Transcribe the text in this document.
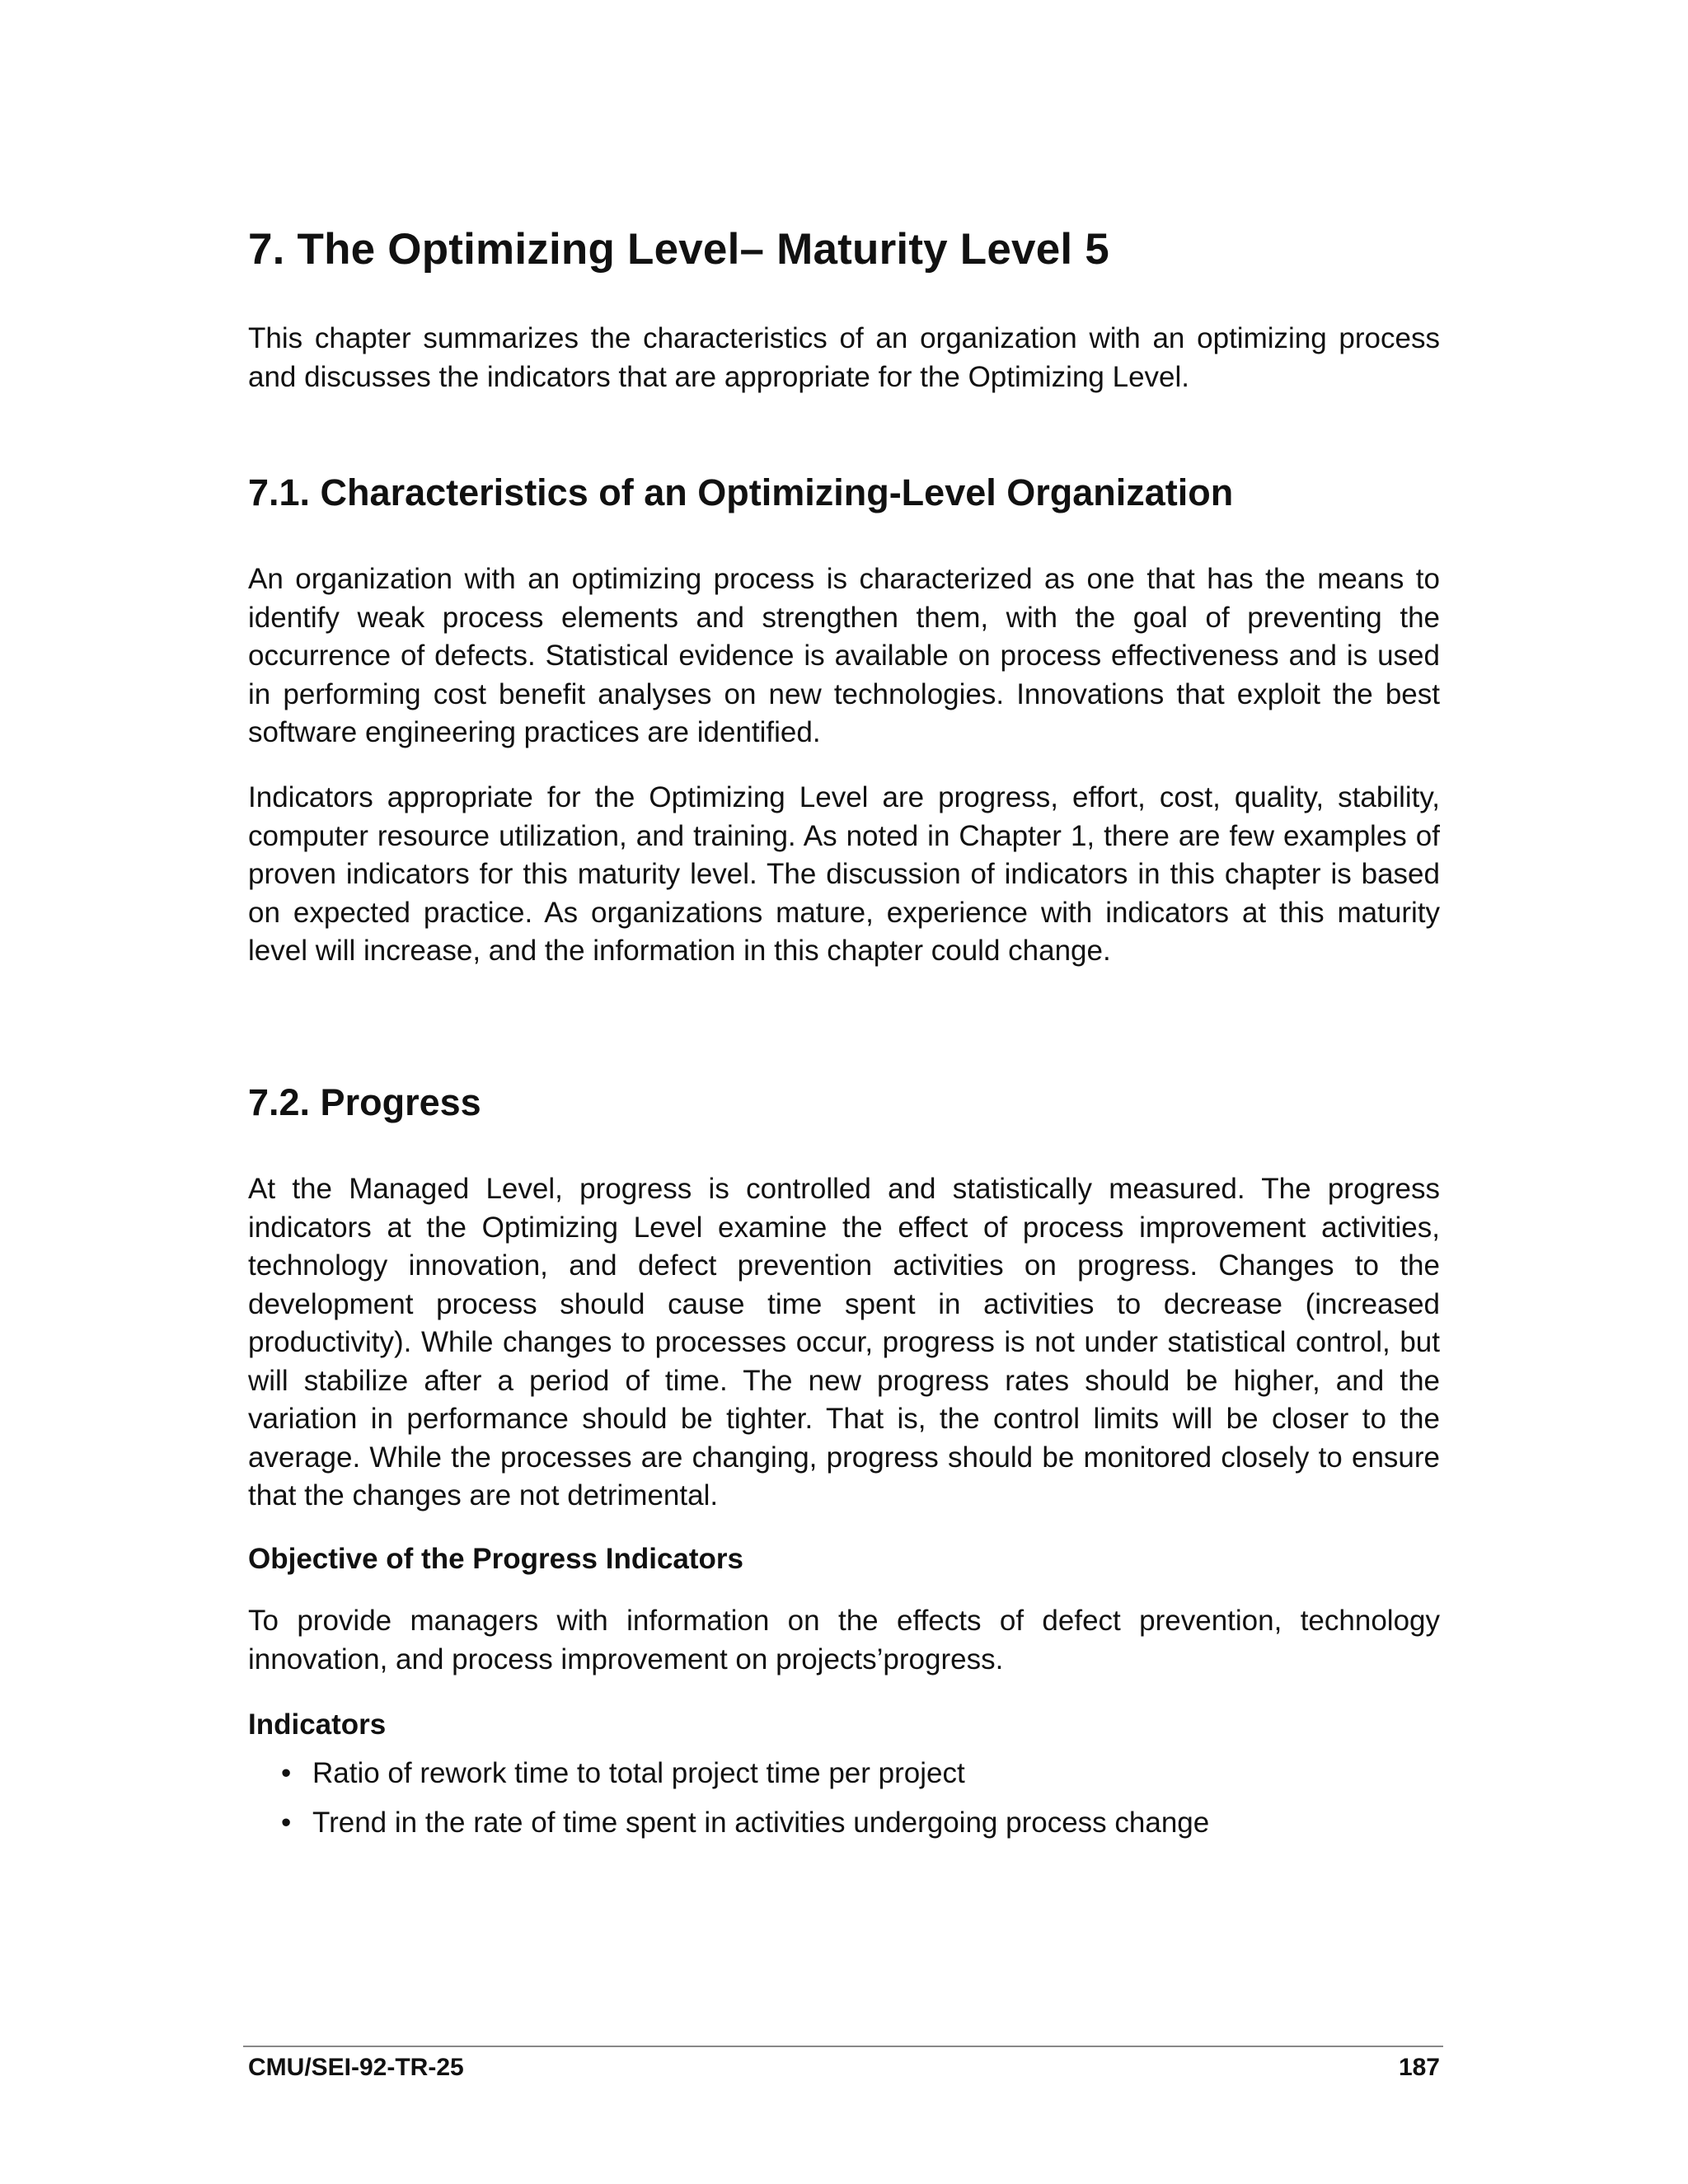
7. The Optimizing Level– Maturity Level 5

This chapter summarizes the characteristics of an organization with an optimizing process and discusses the indicators that are appropriate for the Optimizing Level.

7.1. Characteristics of an Optimizing-Level Organization

An organization with an optimizing process is characterized as one that has the means to identify weak process elements and strengthen them, with the goal of preventing the occurrence of defects. Statistical evidence is available on process effectiveness and is used in performing cost benefit analyses on new technologies. Innovations that exploit the best software engineering practices are identified.

Indicators appropriate for the Optimizing Level are progress, effort, cost, quality, stability, computer resource utilization, and training. As noted in Chapter 1, there are few examples of proven indicators for this maturity level. The discussion of indicators in this chapter is based on expected practice. As organizations mature, experience with indicators at this maturity level will increase, and the information in this chapter could change.

7.2. Progress

At the Managed Level, progress is controlled and statistically measured. The progress indicators at the Optimizing Level examine the effect of process improvement activities, technology innovation, and defect prevention activities on progress. Changes to the development process should cause time spent in activities to decrease (increased productivity). While changes to processes occur, progress is not under statistical control, but will stabilize after a period of time. The new progress rates should be higher, and the variation in performance should be tighter. That is, the control limits will be closer to the average. While the processes are changing, progress should be monitored closely to ensure that the changes are not detrimental.

Objective of the Progress Indicators

To provide managers with information on the effects of defect prevention, technology innovation, and process improvement on projects’progress.

Indicators
• Ratio of rework time to total project time per project
• Trend in the rate of time spent in activities undergoing process change
CMU/SEI-92-TR-25	187
